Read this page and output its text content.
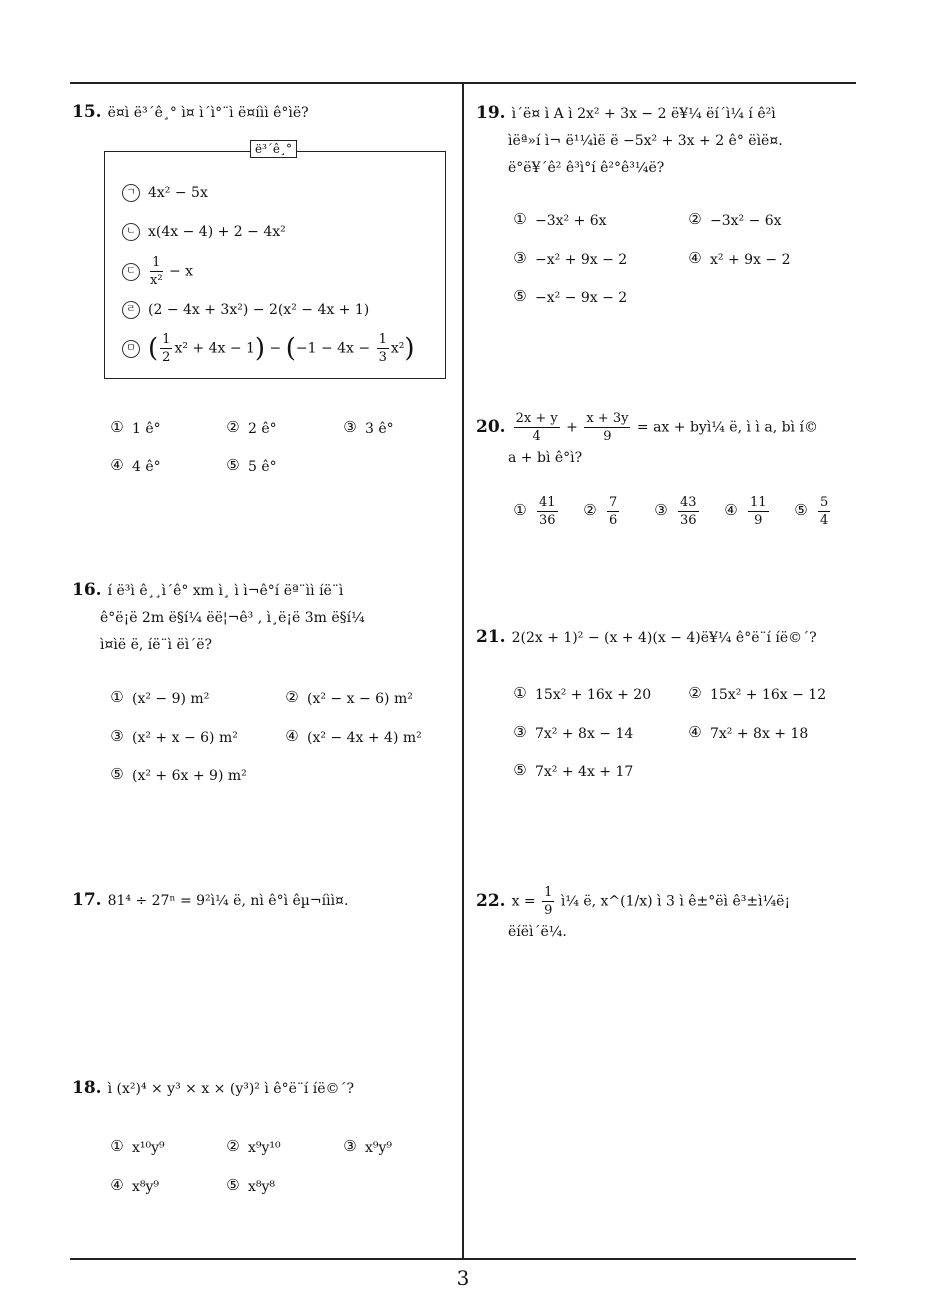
3
15. ë¤ì ë³´ê¸° ì¤ ì´ì°¨ì ë¤íìì ê°ìë?
ë³´ê¸°
ㄱ 4x² − 5x
ㄴ x(4x − 4) + 2 − 4x²
ㄷ $\frac{1}{\text{x²}} - x$
ㄹ (2 − 4x + 3x²) − 2(x² − 4x + 1)
ㅁ ( $\frac{1}{2} x^2 + 4x - 1) - (-1 - 4x - \frac{1}{3} x^2)$
① 1 ê°	② 2 ê°	③ 3 ê°
④ 4 ê°	⑤ 5 ê°
16. í ë³ì ê¸¸ì´ê° xm ì¸ ì ì¬ê°í ëª¨ìì íë¨ì
ê°ë¡ë 2m ë§í¼ ëë¦¬ê³ , ì¸ë¡ë 3m ë§í¼
ì¤ìë ë, íë¨ì ëì´ë?
① (x² − 9) m²	② (x² − x − 6) m²
③ (x² + x − 6) m²	④ (x² − 4x + 4) m²
⑤ (x² + 6x + 9) m²
17. 81⁴ ÷ 27ⁿ = 9²ì¼ ë, nì ê°ì êµ¬íìì¤.
18. ì (x²)⁴ × y³ × x × (y³)² ì ê°ë¨í íë©´?
① x¹⁰y⁹	② x⁹y¹⁰	③ x⁹y⁹
④ x⁸y⁹	⑤ x⁸y⁸
19. ì´ë¤ ì A ì 2x² + 3x − 2 ë¥¼ ëí´ì¼ í ê²ì
ìëª»í ì¬ ë¹¼ìë ë −5x² + 3x + 2 ê° ëìë¤.
ë°ë¥´ê² ê³ì°í ê²°ê³¼ë?
① −3x² + 6x	② −3x² − 6x
③ −x² + 9x − 2	④ x² + 9x − 2
⑤ −x² − 9x − 2
20. $\frac{2x + y}{4} + \frac{x + 3y}{9}$ = ax + byì¼ ë, ì ì a, bì í©
a + bì ê°ì?
① $\frac{41}{36}$ ② $\frac{7}{6}$ ③ $\frac{43}{36}$ ④ $\frac{11}{9}$ ⑤ $\frac{5}{4}$
21. 2(2x + 1)² − (x + 4)(x − 4)ë¥¼ ê°ë¨í íë©´?
① 15x² + 16x + 20 ② 15x² + 16x − 12
③ 7x² + 8x − 14	④ 7x² + 8x + 18
⑤ 7x² + 4x + 17
22. $x = \frac{1}{9}$ ì¼ ë, x^(1/x) ì 3 ì ê±°ëì ê³±ì¼ë¡
ëíëì´ë¼.
